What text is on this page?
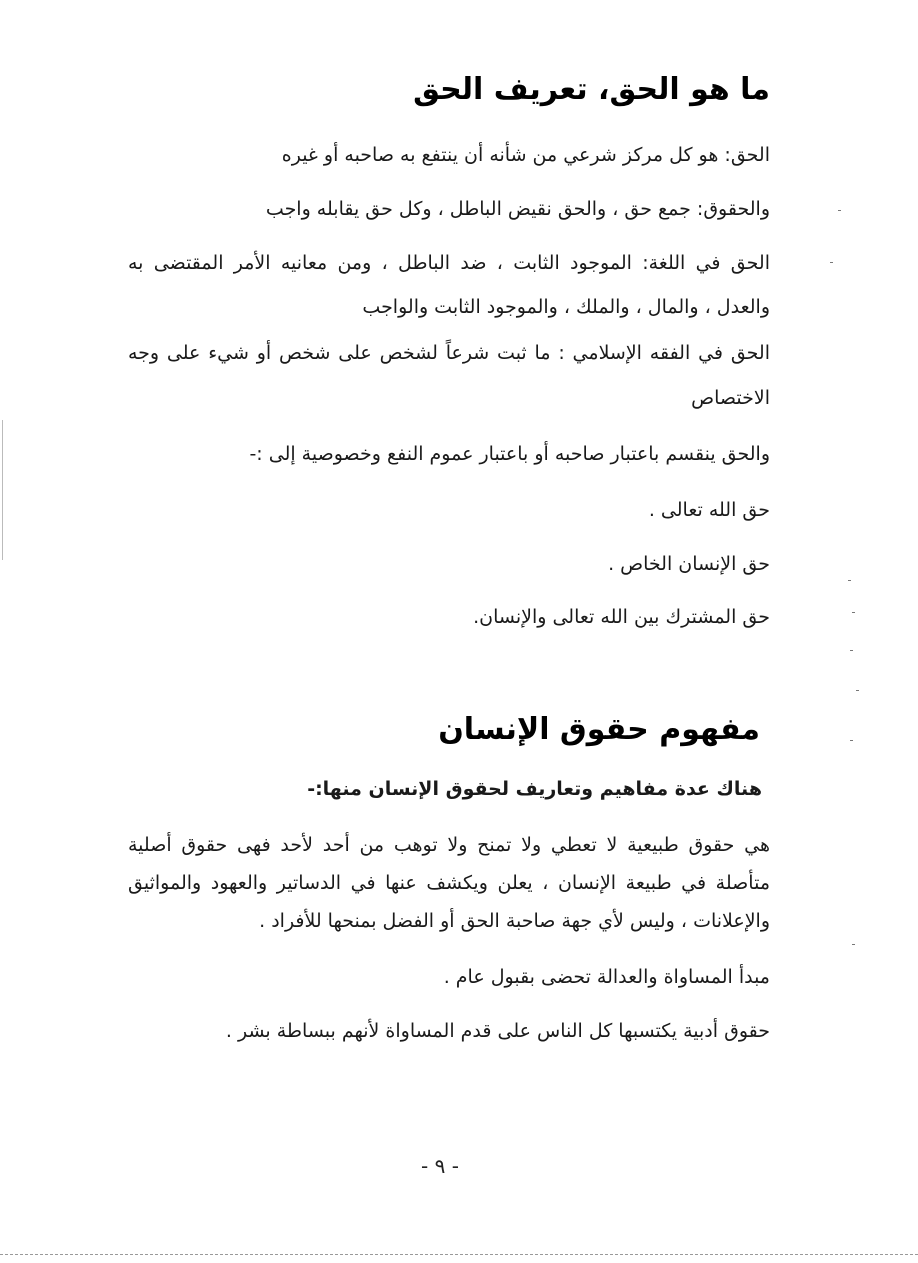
ما هو الحق، تعريف الحق
الحق: هو كل مركز شرعي من شأنه أن ينتفع به صاحبه أو غيره
والحقوق: جمع حق ، والحق نقيض الباطل ، وكل حق يقابله واجب
الحق في اللغة: الموجود الثابت ، ضد الباطل ، ومن معانيه الأمر المقتضى به
والعدل ، والمال ، والملك ، والموجود الثابت والواجب
الحق في الفقه الإسلامي : ما ثبت شرعاً لشخص على شخص أو شيء على وجه
الاختصاص
والحق ينقسم باعتبار صاحبه أو باعتبار عموم النفع وخصوصية إلى :-
حق الله تعالى .
حق الإنسان الخاص .
حق المشترك بين الله تعالى والإنسان.
مفهوم حقوق الإنسان
هناك عدة مفاهيم وتعاريف لحقوق الإنسان منها:-
هي حقوق طبيعية لا تعطي ولا تمنح ولا توهب من أحد لأحد فهى حقوق أصلية
متأصلة في طبيعة الإنسان ، يعلن ويكشف عنها في الدساتير والعهود والمواثيق
والإعلانات ، وليس لأي جهة صاحبة الحق أو الفضل بمنحها للأفراد .
مبدأ المساواة والعدالة تحضى بقبول عام .
حقوق أدبية يكتسبها كل الناس على قدم المساواة لأنهم ببساطة بشر .
- ٩ -
